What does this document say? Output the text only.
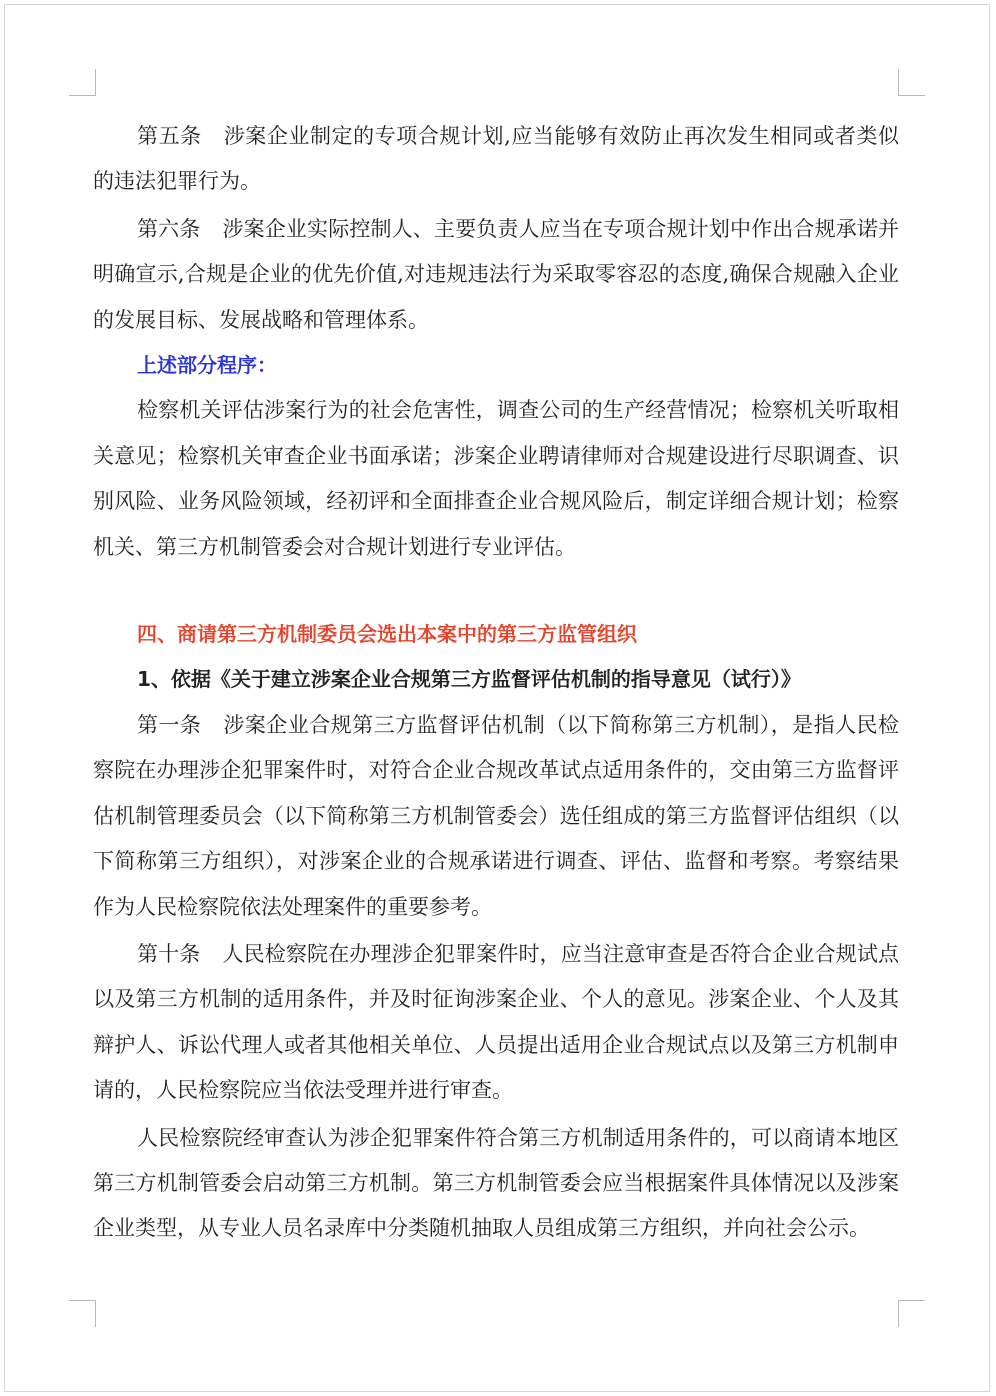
第五条 涉案企业制定的专项合规计划,应当能够有效防止再次发生相同或者类似的违法犯罪行为。

第六条 涉案企业实际控制人、主要负责人应当在专项合规计划中作出合规承诺并明确宣示,合规是企业的优先价值,对违规违法行为采取零容忍的态度,确保合规融入企业的发展目标、发展战略和管理体系。

上述部分程序：

检察机关评估涉案行为的社会危害性，调查公司的生产经营情况；检察机关听取相关意见；检察机关审查企业书面承诺；涉案企业聘请律师对合规建设进行尽职调查、识别风险、业务风险领域，经初评和全面排查企业合规风险后，制定详细合规计划；检察机关、第三方机制管委会对合规计划进行专业评估。

四、商请第三方机制委员会选出本案中的第三方监管组织

1、依据《关于建立涉案企业合规第三方监督评估机制的指导意见（试行）》

第一条 涉案企业合规第三方监督评估机制（以下简称第三方机制），是指人民检察院在办理涉企犯罪案件时，对符合企业合规改革试点适用条件的，交由第三方监督评估机制管理委员会（以下简称第三方机制管委会）选任组成的第三方监督评估组织（以下简称第三方组织），对涉案企业的合规承诺进行调查、评估、监督和考察。考察结果作为人民检察院依法处理案件的重要参考。

第十条 人民检察院在办理涉企犯罪案件时，应当注意审查是否符合企业合规试点以及第三方机制的适用条件，并及时征询涉案企业、个人的意见。涉案企业、个人及其辩护人、诉讼代理人或者其他相关单位、人员提出适用企业合规试点以及第三方机制申请的，人民检察院应当依法受理并进行审查。

人民检察院经审查认为涉企犯罪案件符合第三方机制适用条件的，可以商请本地区第三方机制管委会启动第三方机制。第三方机制管委会应当根据案件具体情况以及涉案企业类型，从专业人员名录库中分类随机抽取人员组成第三方组织，并向社会公示。
